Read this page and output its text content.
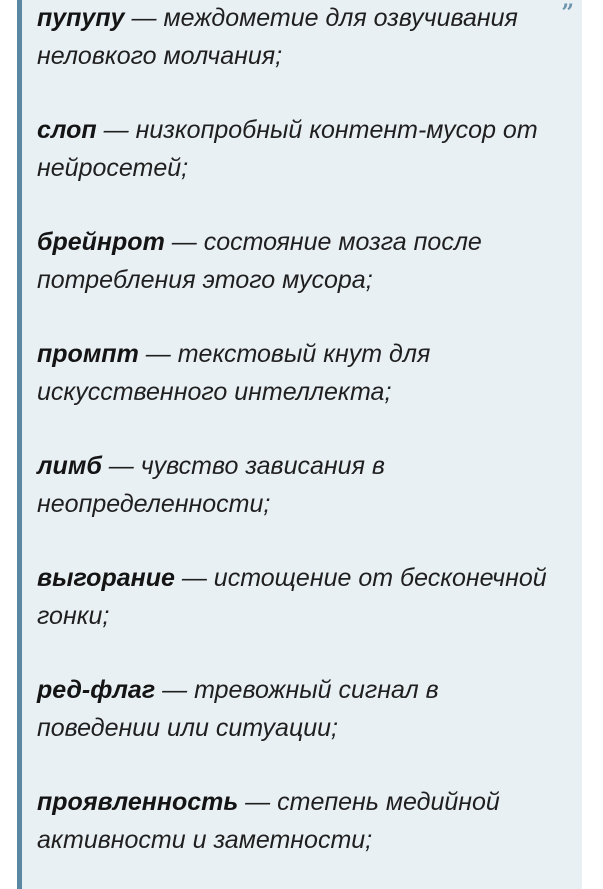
”

пупупу — междометие для озвучивания неловкого молчания;

слоп — низкопробный контент-мусор от нейросетей;

брейнрот — состояние мозга после потребления этого мусора;

промпт — текстовый кнут для искусственного интеллекта;

лимб — чувство зависания в неопределенности;

выгорание — истощение от бесконечной гонки;

ред-флаг — тревожный сигнал в поведении или ситуации;

проявленность — степень медийной активности и заметности;
